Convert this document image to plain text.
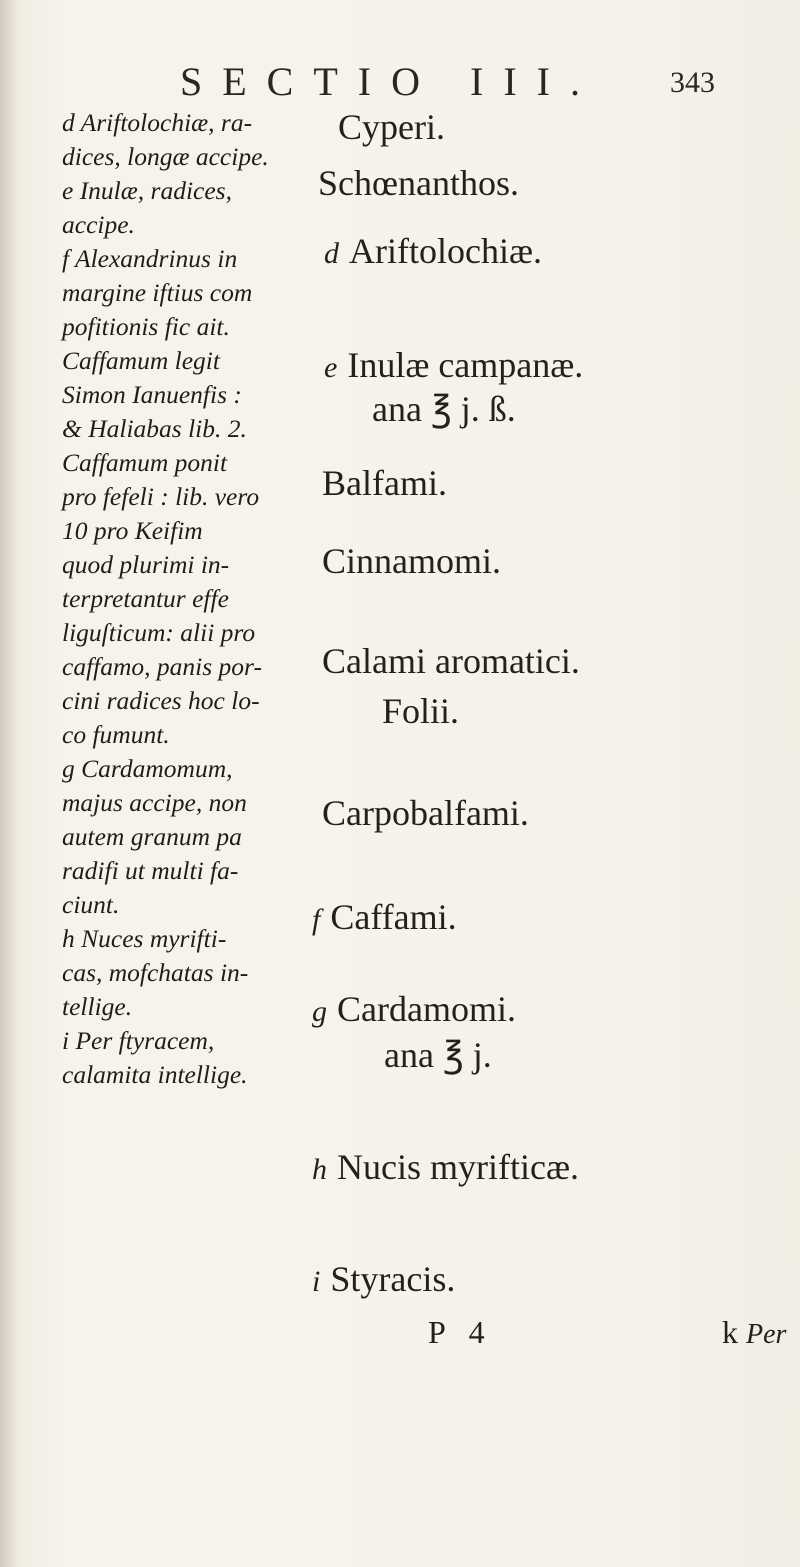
SECTIO III. 343

d Ariftolochiæ, ra-

dices, longæ accipe.

e Inulæ, radices,

accipe.

f Alexandrinus in

margine iftius com

pofitionis fic ait.

Caffamum legit

Simon Ianuenfis :

& Haliabas lib. 2.

Caffamum ponit

pro fefeli : lib. vero

10 pro Keifim

quod plurimi in-

terpretantur effe

liguſticum: alii pro

caffamo, panis por-

cini radices hoc lo-

co fumunt.

g Cardamomum,

majus accipe, non

autem granum pa

radifi ut multi fa-

ciunt.

h Nuces myrifti-

cas, mofchatas in-

tellige.

i Per ftyracem,

calamita intellige.

Cyperi.
Schœnanthos.
d Ariftolochiæ.
e Inulæ campanæ.
ana ℥ j. ß.
Balfami.
Cinnamomi.
Calami aromatici.
Folii.
Carpobalfami.
f Caffami.
g Cardamomi.
ana ℥ j.
h Nucis myrifticæ.
i Styracis.
P 4	k Per
